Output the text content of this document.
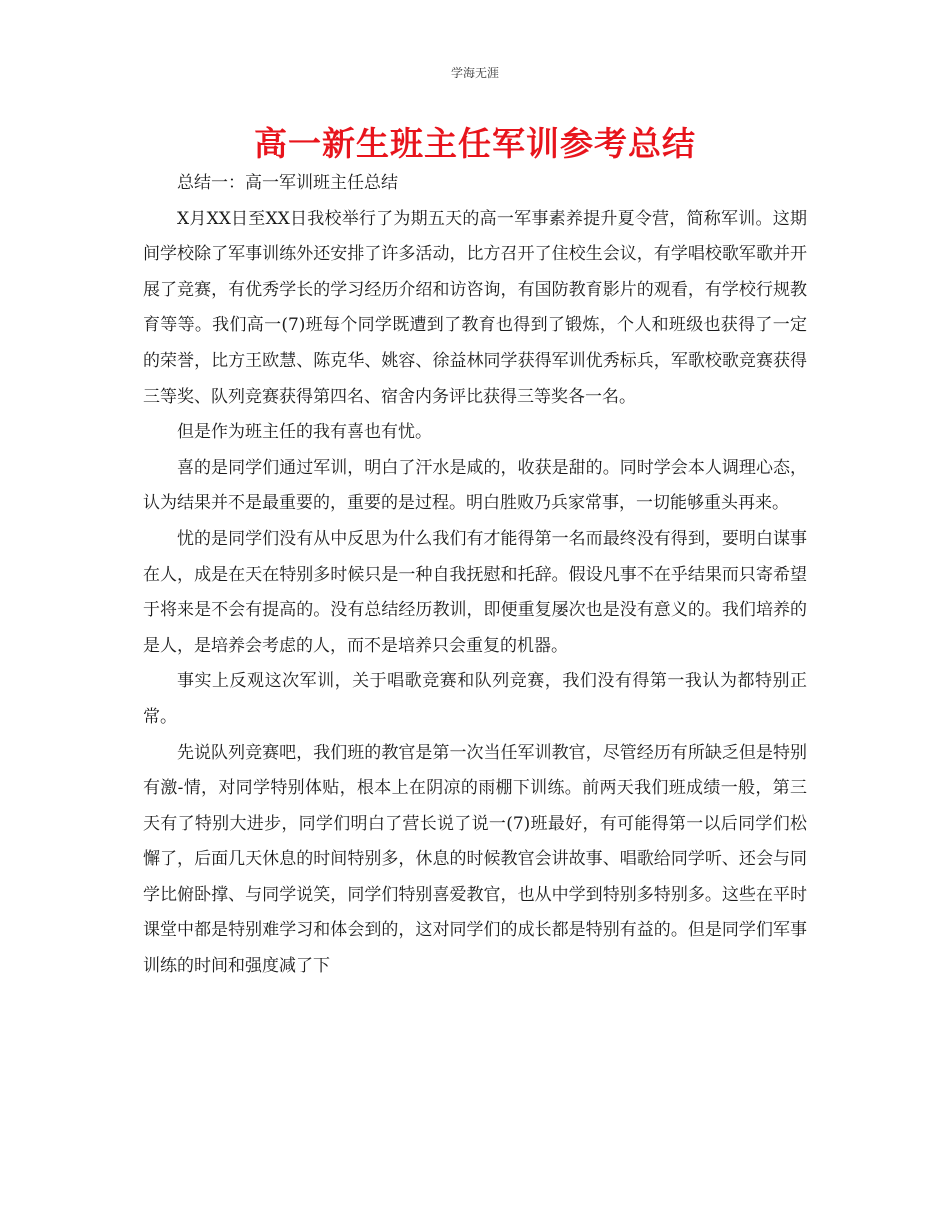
学海无涯
高一新生班主任军训参考总结

总结一：高一军训班主任总结

X月XX日至XX日我校举行了为期五天的高一军事素养提升夏令营，简称军训。这期间学校除了军事训练外还安排了许多活动，比方召开了住校生会议，有学唱校歌军歌并开展了竞赛，有优秀学长的学习经历介绍和访咨询，有国防教育影片的观看，有学校行规教育等等。我们高一(7)班每个同学既遭到了教育也得到了锻炼，个人和班级也获得了一定的荣誉，比方王欧慧、陈克华、姚容、徐益林同学获得军训优秀标兵，军歌校歌竞赛获得三等奖、队列竞赛获得第四名、宿舍内务评比获得三等奖各一名。

但是作为班主任的我有喜也有忧。

喜的是同学们通过军训，明白了汗水是咸的，收获是甜的。同时学会本人调理心态，认为结果并不是最重要的，重要的是过程。明白胜败乃兵家常事，一切能够重头再来。

忧的是同学们没有从中反思为什么我们有才能得第一名而最终没有得到，要明白谋事在人，成是在天在特别多时候只是一种自我抚慰和托辞。假设凡事不在乎结果而只寄希望于将来是不会有提高的。没有总结经历教训，即便重复屡次也是没有意义的。我们培养的是人，是培养会考虑的人，而不是培养只会重复的机器。

事实上反观这次军训，关于唱歌竞赛和队列竞赛，我们没有得第一我认为都特别正常。

先说队列竞赛吧，我们班的教官是第一次当任军训教官，尽管经历有所缺乏但是特别有激-情，对同学特别体贴，根本上在阴凉的雨棚下训练。前两天我们班成绩一般，第三天有了特别大进步，同学们明白了营长说了说一(7)班最好，有可能得第一以后同学们松懈了，后面几天休息的时间特别多，休息的时候教官会讲故事、唱歌给同学听、还会与同学比俯卧撑、与同学说笑，同学们特别喜爱教官，也从中学到特别多特别多。这些在平时课堂中都是特别难学习和体会到的，这对同学们的成长都是特别有益的。但是同学们军事训练的时间和强度减了下
